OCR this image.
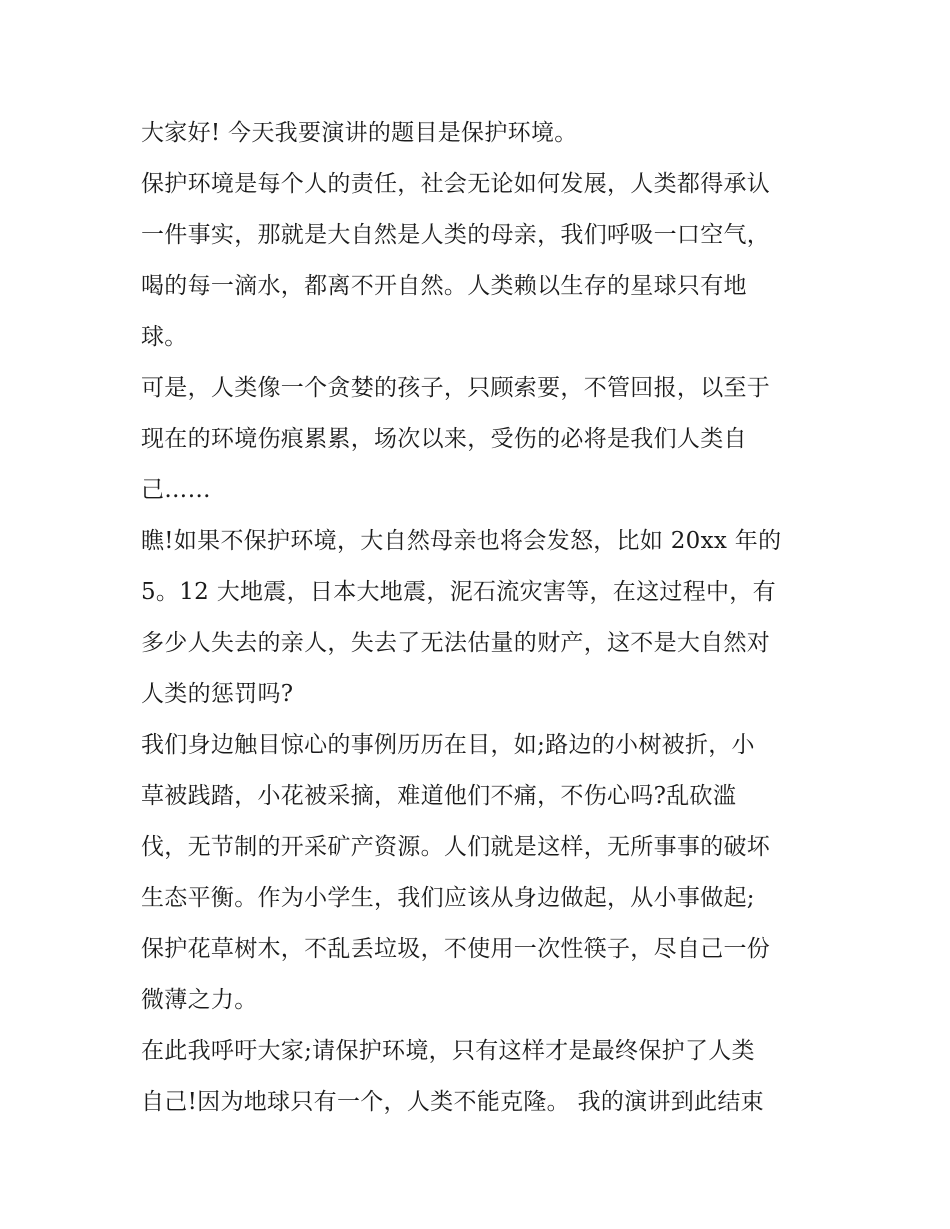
大家好! 今天我要演讲的题目是保护环境。
保护环境是每个人的责任，社会无论如何发展，人类都得承认
一件事实，那就是大自然是人类的母亲，我们呼吸一口空气，
喝的每一滴水，都离不开自然。人类赖以生存的星球只有地
球。
可是，人类像一个贪婪的孩子，只顾索要，不管回报，以至于
现在的环境伤痕累累，场次以来，受伤的必将是我们人类自
己……
瞧!如果不保护环境，大自然母亲也将会发怒，比如 20xx 年的
5。12 大地震，日本大地震，泥石流灾害等，在这过程中，有
多少人失去的亲人，失去了无法估量的财产，这不是大自然对
人类的惩罚吗?
我们身边触目惊心的事例历历在目，如;路边的小树被折，小
草被践踏，小花被采摘，难道他们不痛，不伤心吗?乱砍滥
伐，无节制的开采矿产资源。人们就是这样，无所事事的破坏
生态平衡。作为小学生，我们应该从身边做起，从小事做起;
保护花草树木，不乱丢垃圾，不使用一次性筷子，尽自己一份
微薄之力。
在此我呼吁大家;请保护环境，只有这样才是最终保护了人类
自己!因为地球只有一个，人类不能克隆。 我的演讲到此结束
